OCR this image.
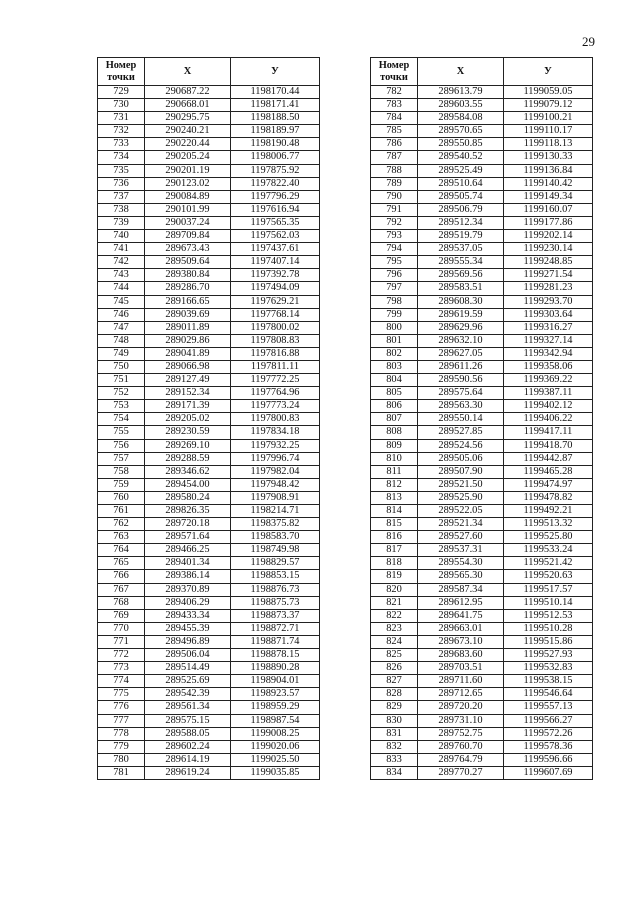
29
Номер точки	X	У
729	290687.22	1198170.44
730	290668.01	1198171.41
731	290295.75	1198188.50
732	290240.21	1198189.97
733	290220.44	1198190.48
734	290205.24	1198006.77
735	290201.19	1197875.92
736	290123.02	1197822.40
737	290084.89	1197796.29
738	290101.99	1197616.94
739	290037.24	1197565.35
740	289709.84	1197562.03
741	289673.43	1197437.61
742	289509.64	1197407.14
743	289380.84	1197392.78
744	289286.70	1197494.09
745	289166.65	1197629.21
746	289039.69	1197768.14
747	289011.89	1197800.02
748	289029.86	1197808.83
749	289041.89	1197816.88
750	289066.98	1197811.11
751	289127.49	1197772.25
752	289152.34	1197764.96
753	289171.39	1197773.24
754	289205.02	1197800.83
755	289230.59	1197834.18
756	289269.10	1197932.25
757	289288.59	1197996.74
758	289346.62	1197982.04
759	289454.00	1197948.42
760	289580.24	1197908.91
761	289826.35	1198214.71
762	289720.18	1198375.82
763	289571.64	1198583.70
764	289466.25	1198749.98
765	289401.34	1198829.57
766	289386.14	1198853.15
767	289370.89	1198876.73
768	289406.29	1198875.73
769	289433.34	1198873.37
770	289455.39	1198872.71
771	289496.89	1198871.74
772	289506.04	1198878.15
773	289514.49	1198890.28
774	289525.69	1198904.01
775	289542.39	1198923.57
776	289561.34	1198959.29
777	289575.15	1198987.54
778	289588.05	1199008.25
779	289602.24	1199020.06
780	289614.19	1199025.50
781	289619.24	1199035.85
Номер точки	X	У
782	289613.79	1199059.05
783	289603.55	1199079.12
784	289584.08	1199100.21
785	289570.65	1199110.17
786	289550.85	1199118.13
787	289540.52	1199130.33
788	289525.49	1199136.84
789	289510.64	1199140.42
790	289505.74	1199149.34
791	289506.79	1199160.07
792	289512.34	1199177.86
793	289519.79	1199202.14
794	289537.05	1199230.14
795	289555.34	1199248.85
796	289569.56	1199271.54
797	289583.51	1199281.23
798	289608.30	1199293.70
799	289619.59	1199303.64
800	289629.96	1199316.27
801	289632.10	1199327.14
802	289627.05	1199342.94
803	289611.26	1199358.06
804	289590.56	1199369.22
805	289575.64	1199387.11
806	289563.30	1199402.12
807	289550.14	1199406.22
808	289527.85	1199417.11
809	289524.56	1199418.70
810	289505.06	1199442.87
811	289507.90	1199465.28
812	289521.50	1199474.97
813	289525.90	1199478.82
814	289522.05	1199492.21
815	289521.34	1199513.32
816	289527.60	1199525.80
817	289537.31	1199533.24
818	289554.30	1199521.42
819	289565.30	1199520.63
820	289587.34	1199517.57
821	289612.95	1199510.14
822	289641.75	1199512.53
823	289663.01	1199510.28
824	289673.10	1199515.86
825	289683.60	1199527.93
826	289703.51	1199532.83
827	289711.60	1199538.15
828	289712.65	1199546.64
829	289720.20	1199557.13
830	289731.10	1199566.27
831	289752.75	1199572.26
832	289760.70	1199578.36
833	289764.79	1199596.66
834	289770.27	1199607.69
